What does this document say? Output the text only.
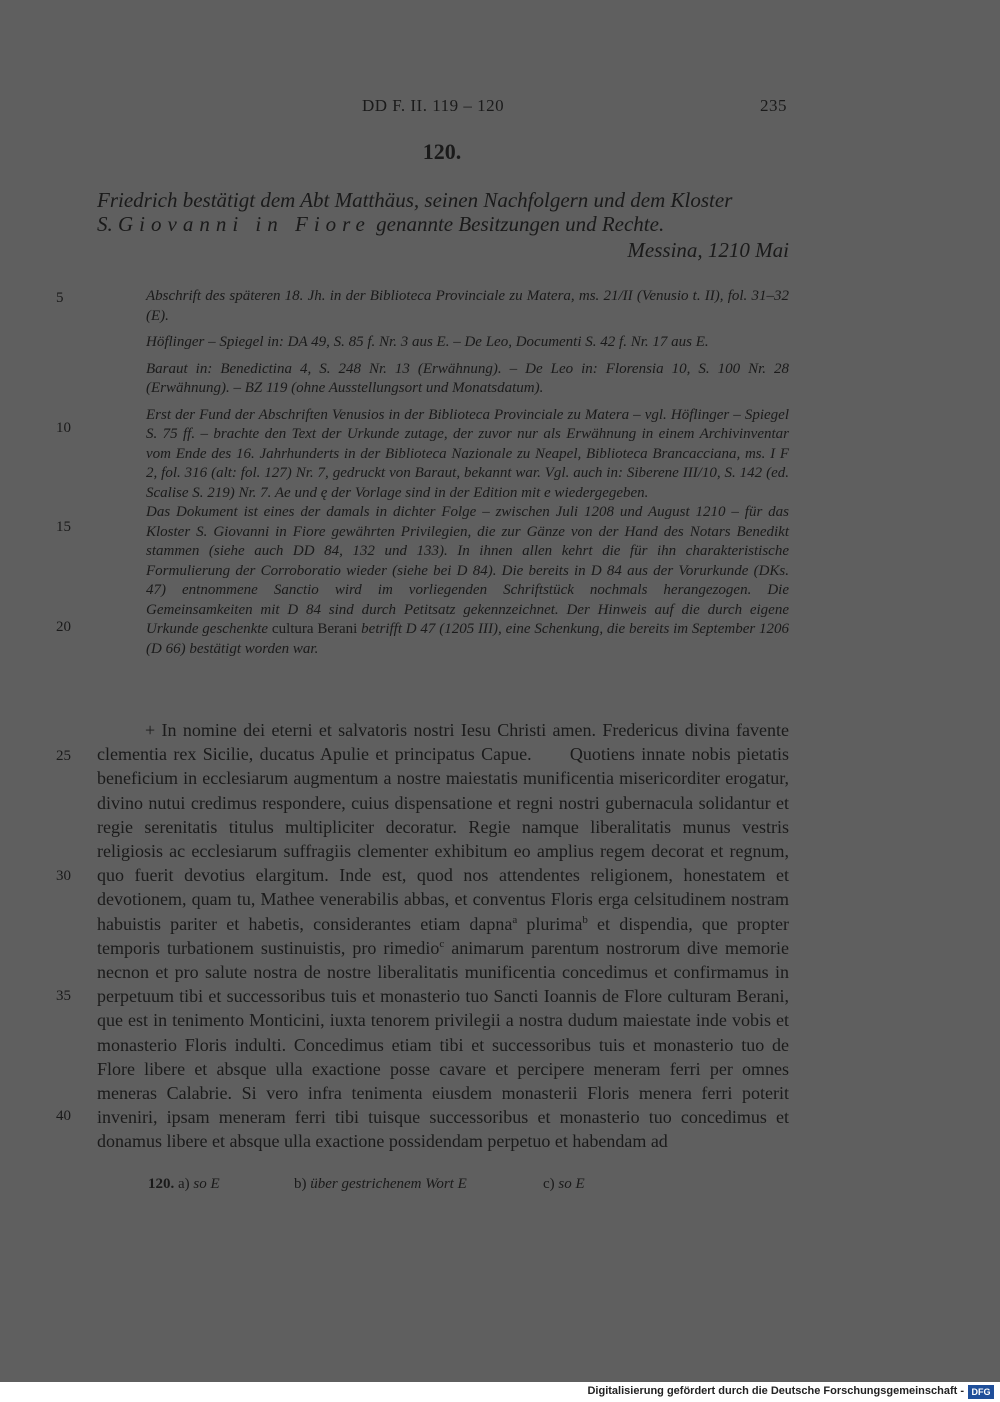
DD F. II. 119 – 120	235
120.
Friedrich bestätigt dem Abt Matthäus, seinen Nachfolgern und dem Kloster
S. Giovanni in Fiore genannte Besitzungen und Rechte.
Messina, 1210 Mai
5
10
15
20
25
30
35
40

Abschrift des späteren 18. Jh. in der Biblioteca Provinciale zu Matera, ms. 21/II (Venusio t. II), fol. 31–32 (E).

Höflinger – Spiegel in: DA 49, S. 85 f. Nr. 3 aus E. – De Leo, Documenti S. 42 f. Nr. 17 aus E.

Baraut in: Benedictina 4, S. 248 Nr. 13 (Erwähnung). – De Leo in: Florensia 10, S. 100 Nr. 28 (Erwähnung). – BZ 119 (ohne Ausstellungsort und Monatsdatum).

Erst der Fund der Abschriften Venusios in der Biblioteca Provinciale zu Matera – vgl. Höflinger – Spiegel S. 75 ff. – brachte den Text der Urkunde zutage, der zuvor nur als Erwähnung in einem Archivinventar vom Ende des 16. Jahrhunderts in der Biblioteca Nazionale zu Neapel, Biblioteca Brancacciana, ms. I F 2, fol. 316 (alt: fol. 127) Nr. 7, gedruckt von Baraut, bekannt war. Vgl. auch in: Siberene III/10, S. 142 (ed. Scalise S. 219) Nr. 7. Ae und ę der Vorlage sind in der Edition mit e wiedergegeben.

Das Dokument ist eines der damals in dichter Folge – zwischen Juli 1208 und August 1210 – für das Kloster S. Giovanni in Fiore gewährten Privilegien, die zur Gänze von der Hand des Notars Benedikt stammen (siehe auch DD 84, 132 und 133). In ihnen allen kehrt die für ihn charakteristische Formulierung der Corroboratio wieder (siehe bei D 84). Die bereits in D 84 aus der Vorurkunde (DKs. 47) entnommene Sanctio wird im vorliegenden Schriftstück nochmals herangezogen. Die Gemeinsamkeiten mit D 84 sind durch Petitsatz gekennzeichnet. Der Hinweis auf die durch eigene Urkunde geschenkte cultura Berani betrifft D 47 (1205 III), eine Schenkung, die bereits im September 1206 (D 66) bestätigt worden war.

+ In nomine dei eterni et salvatoris nostri Iesu Christi amen. Fredericus divina favente clementia rex Sicilie, ducatus Apulie et principatus Capue. Quotiens innate nobis pietatis beneficium in ecclesiarum augmentum a nostre maiestatis munificentia misericorditer erogatur, divino nutui credimus respondere, cuius dispensatione et regni nostri gubernacula solidantur et regie serenitatis titulus multipliciter decoratur. Regie namque liberalitatis munus vestris religiosis ac ecclesiarum suffragiis clementer exhibitum eo amplius regem decorat et regnum, quo fuerit devotius elargitum. Inde est, quod nos attendentes religionem, honestatem et devotionem, quam tu, Mathee venerabilis abbas, et conventus Floris erga celsitudinem nostram habuistis pariter et habetis, considerantes etiam dapna$^a$ plurima$^b$ et dispendia, que propter temporis turbationem sustinuistis, pro rimedio$^c$ animarum parentum nostrorum dive memorie necnon et pro salute nostra de nostre liberalitatis munificentia concedimus et confirmamus in perpetuum tibi et successoribus tuis et monasterio tuo Sancti Ioannis de Flore culturam Berani, que est in tenimento Monticini, iuxta tenorem privilegii a nostra dudum maiestate inde vobis et monasterio Floris indulti. Concedimus etiam tibi et successoribus tuis et monasterio tuo de Flore libere et absque ulla exactione posse cavare et percipere meneram ferri per omnes meneras Calabrie. Si vero infra tenimenta eiusdem monasterii Floris menera ferri poterit inveniri, ipsam meneram ferri tibi tuisque successoribus et monasterio tuo concedimus et donamus libere et absque ulla exactione possidendam perpetuo et habendam ad
120. a) so E	b) über gestrichenem Wort E	c) so E
Digitalisierung gefördert durch die Deutsche Forschungsgemeinschaft - DFG
